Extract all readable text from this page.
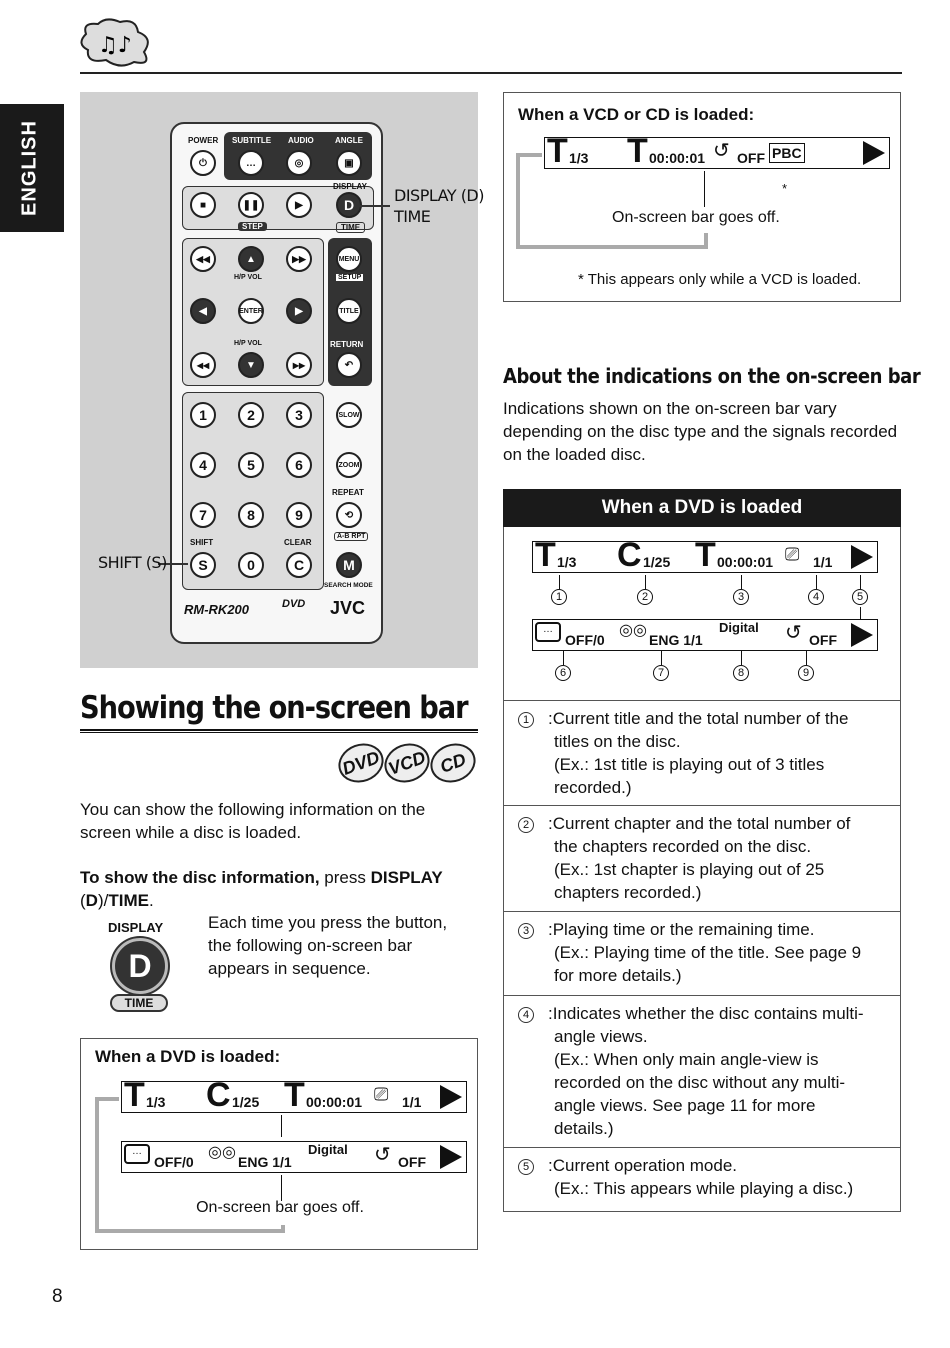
♫♪
ENGLISH	POWER SUBTITLE AUDIO	ANGLE
⏻	…	◎	▣
■	❚❚	▶
DISPLAY
D
STEP	TIME
◀◀	▲	▶▶
H/P VOL
◀	ENTER	▶
H/P VOL
◀◀	▼	▶▶
MENU
SETUP
TITLE
RETURN
↶
1	2	3	SLOW
4	5	6	ZOOM
REPEAT
7	8	9	⟲
A-B RPT
SHIFT	CLEAR
S	0	C	M
SEARCH MODE
RM-RK200	DVD JVC
DISPLAY (D)
TIME
SHIFT (S)
Showing the on-screen bar
DVD VCD CD
You can show the following information on the screen while a disc is loaded.
To show the disc information, press DISPLAY (D)/TIME.
DISPLAY
D
TIME
Each time you press the button, the following on-screen bar appears in sequence.
When a DVD is loaded:
T 1/3 C 1/25 T 00:00:01 ⎚ 1/1
…
OFF/0
◎◎
ENG 1/1
Digital ↺ OFF
On-screen bar goes off.
When a VCD or CD is loaded:
T 1/3 T 00:00:01 ↺ OFF PBC
*
On-screen bar goes off.
* This appears only while a VCD is loaded.
About the indications on the on-screen bar
Indications shown on the on-screen bar vary depending on the disc type and the signals recorded on the loaded disc.
When a DVD is loaded
T 1/3 C 1/25 T 00:00:01 ⎚ 1/1
1	2	3	4	5
…
OFF/0
◎◎
ENG 1/1
Digital ↺ OFF
6	7	8	9
1 :Current title and the total number of the
titles on the disc.
(Ex.: 1st title is playing out of 3 titles
recorded.)
2 :Current chapter and the total number of
the chapters recorded on the disc.
(Ex.: 1st chapter is playing out of 25
chapters recorded.)
3 :Playing time or the remaining time.
(Ex.: Playing time of the title. See page 9
for more details.)
4 :Indicates whether the disc contains multi-
angle views.
(Ex.: When only main angle-view is
recorded on the disc without any multi-
angle views. See page 11 for more
details.)
5 :Current operation mode.
(Ex.: This appears while playing a disc.)
8
